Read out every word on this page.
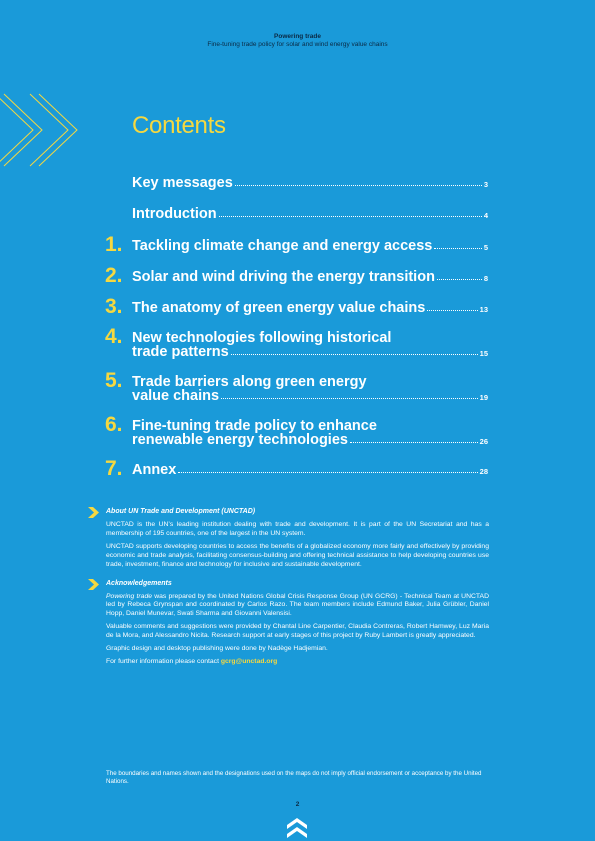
Powering trade
Fine-tuning trade policy for solar and wind energy value chains
Contents
Key messages	3
Introduction	4
1. Tackling climate change and energy access	5
2. Solar and wind driving the energy transition	8
3. The anatomy of green energy value chains	13
4. New technologies following historical
trade patterns	15
5. Trade barriers along green energy
value chains	19
6. Fine-tuning trade policy to enhance
renewable energy technologies	26
7. Annex	28
About UN Trade and Development (UNCTAD)

UNCTAD is the UN’s leading institution dealing with trade and development. It is part of the UN Secretariat and has a membership of 195 countries, one of the largest in the UN system.

UNCTAD supports developing countries to access the benefits of a globalized economy more fairly and effectively by providing economic and trade analysis, facilitating consensus-building and offering technical assistance to help developing countries use trade, investment, finance and technology for inclusive and sustainable development.

Acknowledgements

Powering trade was prepared by the United Nations Global Crisis Response Group (UN GCRG) - Technical Team at UNCTAD led by Rebeca Grynspan and coordinated by Carlos Razo. The team members include Edmund Baker, Julia Grübler, Daniel Hopp, Daniel Munevar, Swati Sharma and Giovanni Valensisi.

Valuable comments and suggestions were provided by Chantal Line Carpentier, Claudia Contreras, Robert Hamwey, Luz Maria de la Mora, and Alessandro Nicita. Research support at early stages of this project by Ruby Lambert is greatly appreciated.

Graphic design and desktop publishing were done by Nadège Hadjemian.

For further information please contact gcrg@unctad.org

The boundaries and names shown and the designations used on the maps do not imply official endorsement or acceptance by the United Nations.
2
